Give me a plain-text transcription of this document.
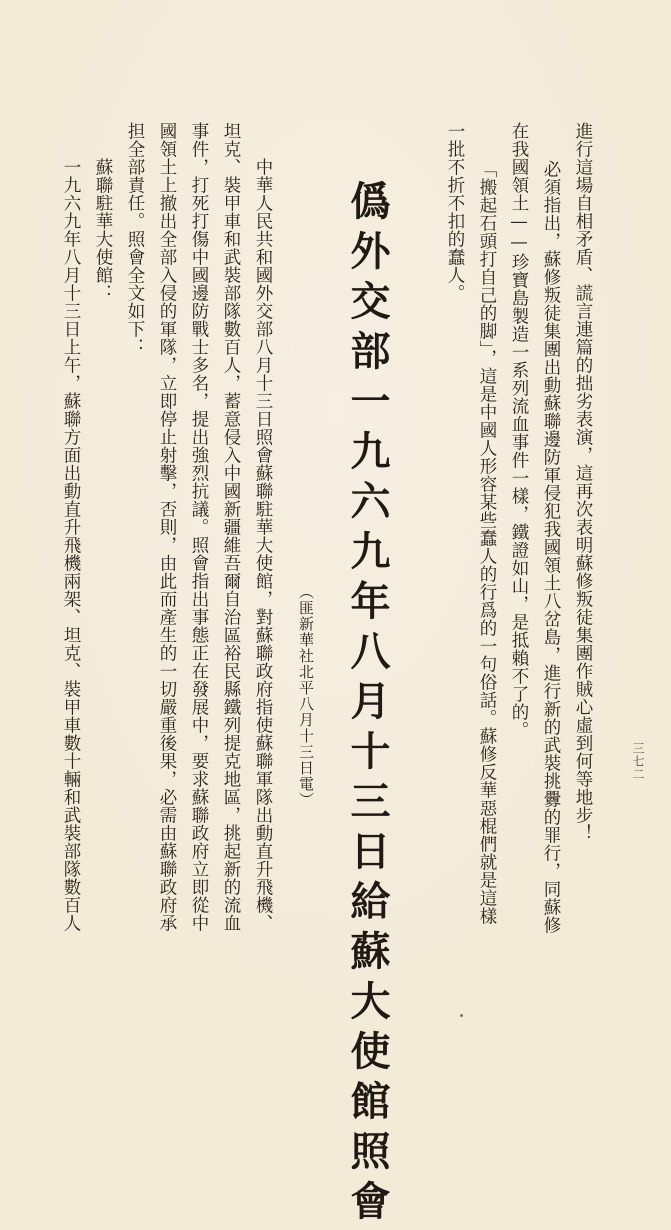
三七二
進行這場自相矛盾、謊言連篇的拙劣表演，這再次表明蘇修叛徒集團作賊心虛到何等地步！
必須指出，蘇修叛徒集團出動蘇聯邊防軍侵犯我國領土八岔島，進行新的武裝挑釁的罪行，同蘇修
在我國領土——珍寶島製造一系列流血事件一樣，鐵證如山，是抵賴不了的。
「搬起石頭打自己的脚」，這是中國人形容某些蠢人的行爲的一句俗話。蘇修反華惡棍們就是這樣
一批不折不扣的蠢人。
僞外交部一九六九年八月十三日給蘇大使館照會
（匪新華社北平八月十三日電）
中華人民共和國外交部八月十三日照會蘇聯駐華大使館，對蘇聯政府指使蘇聯軍隊出動直升飛機、
坦克、裝甲車和武裝部隊數百人，蓄意侵入中國新疆維吾爾自治區裕民縣鐵列提克地區，挑起新的流血
事件，打死打傷中國邊防戰士多名，提出強烈抗議。照會指出事態正在發展中，要求蘇聯政府立即從中
國領土上撤出全部入侵的軍隊，立即停止射擊，否則，由此而產生的一切嚴重後果，必需由蘇聯政府承
担全部責任。照會全文如下：
蘇聯駐華大使館：
一九六九年八月十三日上午，蘇聯方面出動直升飛機兩架、坦克、裝甲車數十輛和武裝部隊數百人
